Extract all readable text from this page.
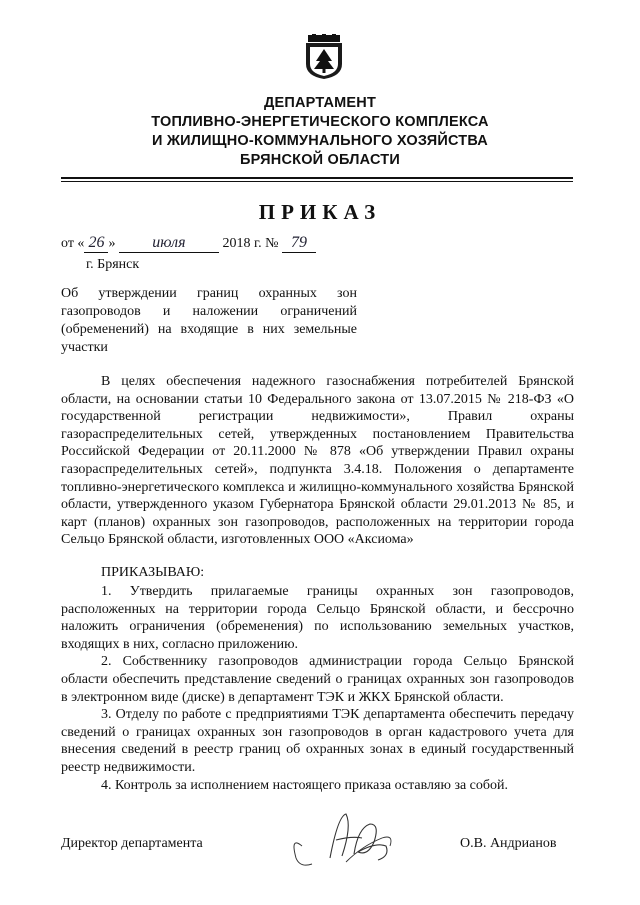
ДЕПАРТАМЕНТ
ТОПЛИВНО-ЭНЕРГЕТИЧЕСКОГО КОМПЛЕКСА
И ЖИЛИЩНО-КОММУНАЛЬНОГО ХОЗЯЙСТВА
БРЯНСКОЙ ОБЛАСТИ
ПРИКАЗ
от « 26 » июля	2018 г. № 79
г. Брянск
Об утверждении границ охранных зон газопроводов и наложении ограничений (обременений) на входящие в них земельные участки

В целях обеспечения надежного газоснабжения потребителей Брянской области, на основании статьи 10 Федерального закона от 13.07.2015 № 218-ФЗ «О государственной регистрации недвижимости», Правил охраны газораспределительных сетей, утвержденных постановлением Правительства Российской Федерации от 20.11.2000 № 878 «Об утверждении Правил охраны газораспределительных сетей», подпункта 3.4.18. Положения о департаменте топливно-энергетического комплекса и жилищно-коммунального хозяйства Брянской области, утвержденного указом Губернатора Брянской области 29.01.2013 № 85, и карт (планов) охранных зон газопроводов, расположенных на территории города Сельцо Брянской области, изготовленных ООО «Аксиома»

ПРИКАЗЫВАЮ:

1. Утвердить прилагаемые границы охранных зон газопроводов, расположенных на территории города Сельцо Брянской области, и бессрочно наложить ограничения (обременения) по использованию земельных участков, входящих в них, согласно приложению.

2. Собственнику газопроводов администрации города Сельцо Брянской области обеспечить представление сведений о границах охранных зон газопроводов в электронном виде (диске) в департамент ТЭК и ЖКХ Брянской области.

3. Отделу по работе с предприятиями ТЭК департамента обеспечить передачу сведений о границах охранных зон газопроводов в орган кадастрового учета для внесения сведений в реестр границ об охранных зонах в единый государственный реестр недвижимости.

4. Контроль за исполнением настоящего приказа оставляю за собой.

Директор департамента	О.В. Андрианов
